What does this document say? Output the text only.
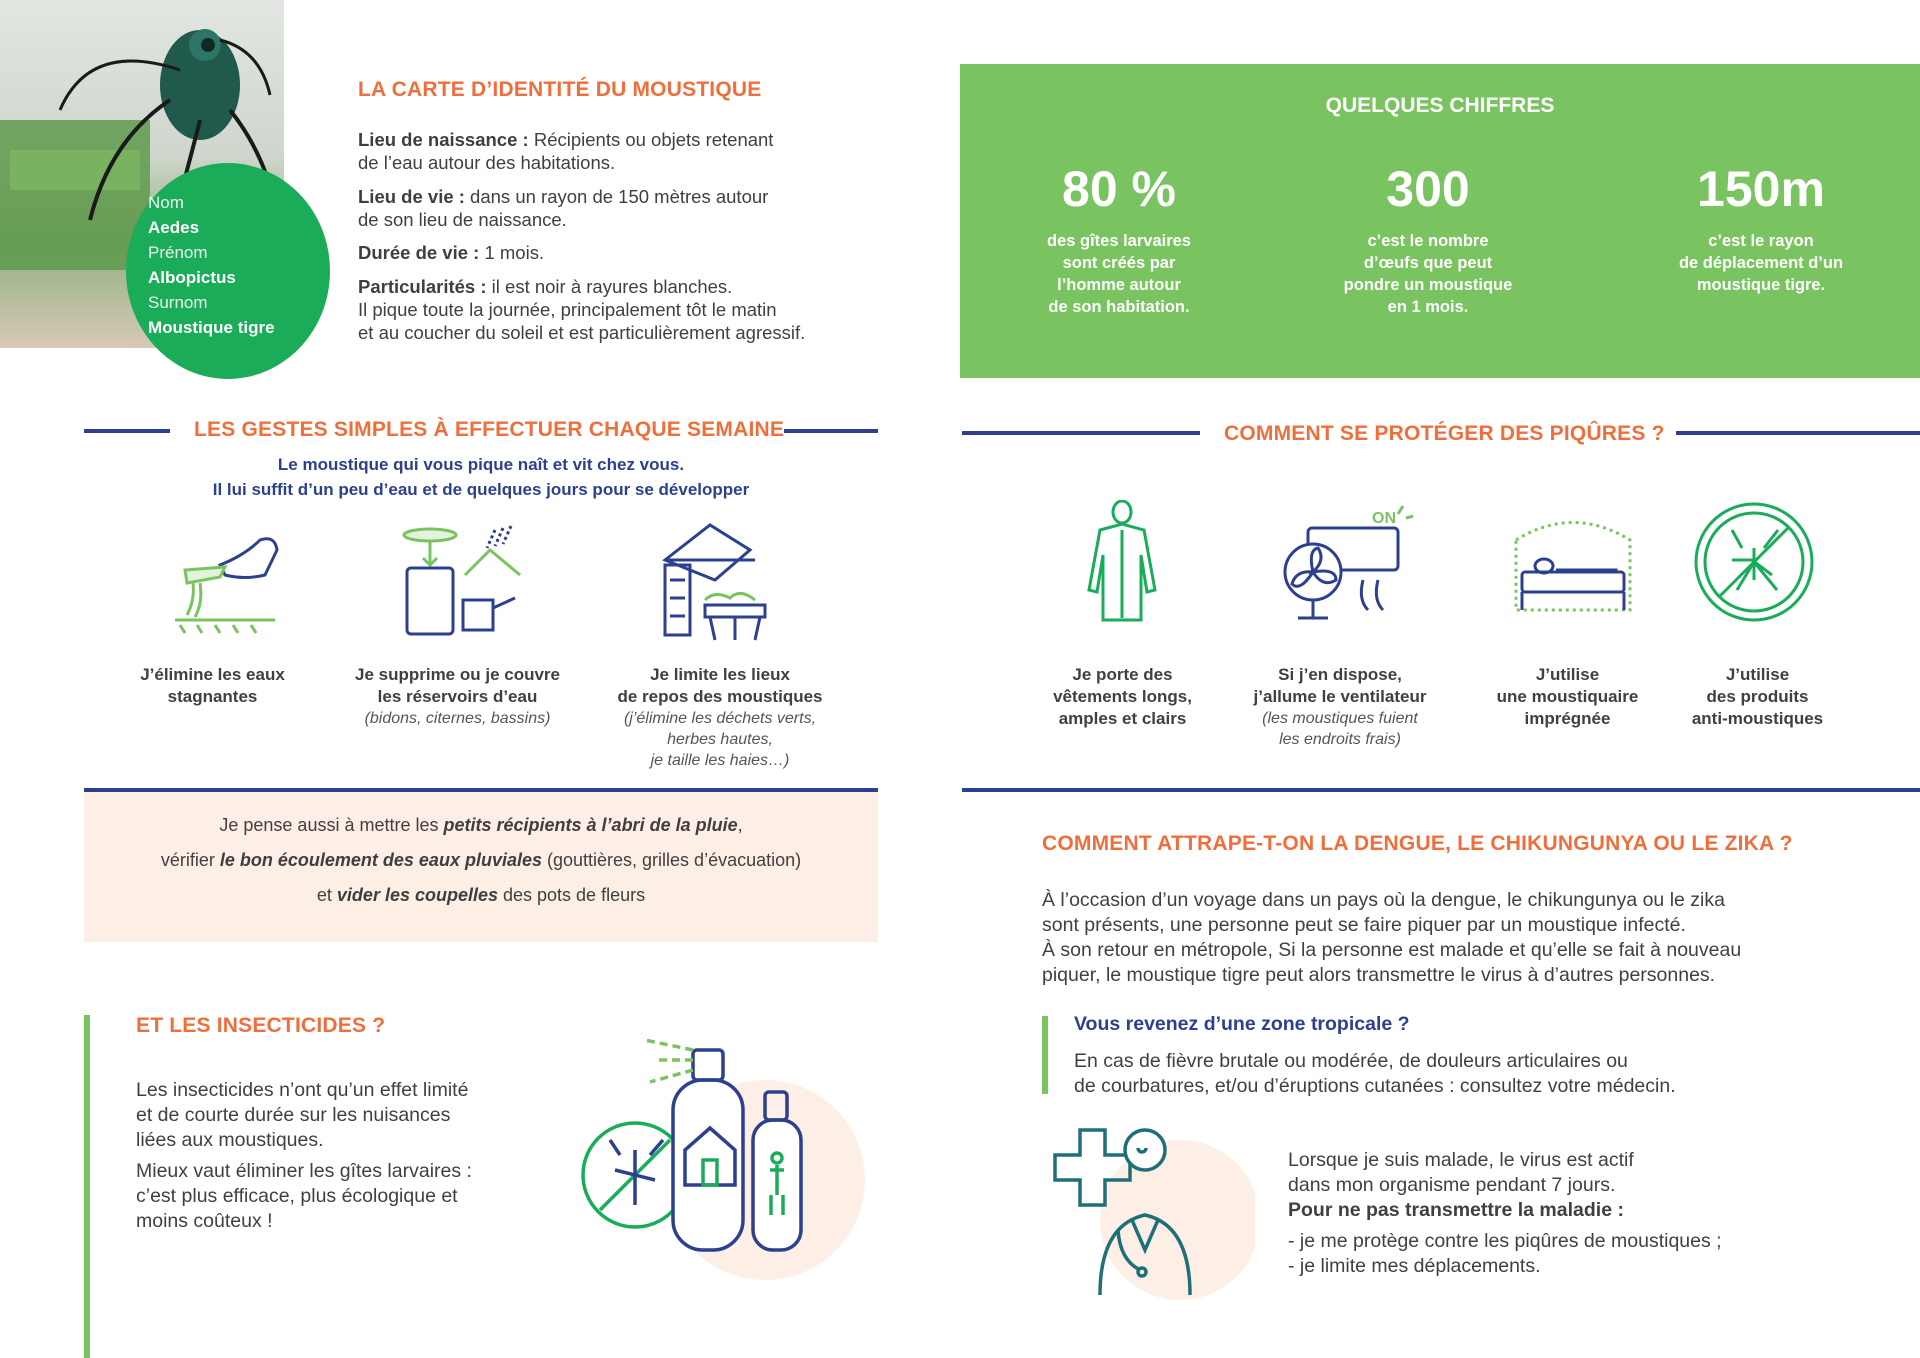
Nom
Aedes
Prénom
Albopictus
Surnom
Moustique tigre
LA CARTE D’IDENTITÉ DU MOUSTIQUE
Lieu de naissance : Récipients ou objets retenant
de l’eau autour des habitations.
Lieu de vie : dans un rayon de 150 mètres autour
de son lieu de naissance.
Durée de vie : 1 mois.
Particularités : il est noir à rayures blanches.
Il pique toute la journée, principalement tôt le matin
et au coucher du soleil et est particulièrement agressif.
QUELQUES CHIFFRES
80 %
des gîtes larvaires
sont créés par
l’homme autour
de son habitation.
300
c’est le nombre
d’œufs que peut
pondre un moustique
en 1 mois.
150m
c’est le rayon
de déplacement d’un
moustique tigre.
LES GESTES SIMPLES À EFFECTUER CHAQUE SEMAINE
Le moustique qui vous pique naît et vit chez vous.
Il lui suffit d’un peu d’eau et de quelques jours pour se développer
J’élimine les eaux
stagnantes
Je supprime ou je couvre
les réservoirs d’eau
(bidons, citernes, bassins)
Je limite les lieux
de repos des moustiques
(j’élimine les déchets verts,
herbes hautes,
je taille les haies…)

Je pense aussi à mettre les petits récipients à l’abri de la pluie,

vérifier le bon écoulement des eaux pluviales (gouttières, grilles d’évacuation)

et vider les coupelles des pots de fleurs

COMMENT SE PROTÉGER DES PIQÛRES ?
ON
Je porte des
vêtements longs,
amples et clairs
Si j’en dispose,
j’allume le ventilateur
(les moustiques fuient
les endroits frais)
J’utilise
une moustiquaire
imprégnée
J’utilise
des produits
anti-moustiques
ET LES INSECTICIDES ?
Les insecticides n’ont qu’un effet limité
et de courte durée sur les nuisances
liées aux moustiques.
Mieux vaut éliminer les gîtes larvaires :
c’est plus efficace, plus écologique et
moins coûteux !
COMMENT ATTRAPE-T-ON LA DENGUE, LE CHIKUNGUNYA OU LE ZIKA ?
À l’occasion d’un voyage dans un pays où la dengue, le chikungunya ou le zika
sont présents, une personne peut se faire piquer par un moustique infecté.
À son retour en métropole, Si la personne est malade et qu’elle se fait à nouveau
piquer, le moustique tigre peut alors transmettre le virus à d’autres personnes.
Vous revenez d’une zone tropicale ?
En cas de fièvre brutale ou modérée, de douleurs articulaires ou
de courbatures, et/ou d’éruptions cutanées : consultez votre médecin.
Lorsque je suis malade, le virus est actif
dans mon organisme pendant 7 jours.
Pour ne pas transmettre la maladie :
- je me protège contre les piqûres de moustiques ;
- je limite mes déplacements.
